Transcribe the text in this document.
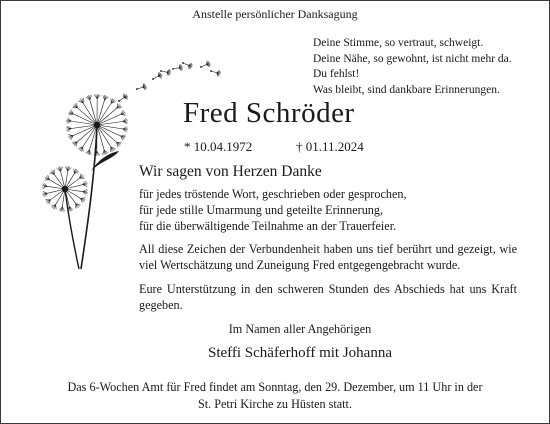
Anstelle persönlicher Danksagung
Deine Stimme, so vertraut, schweigt.
Deine Nähe, so gewohnt, ist nicht mehr da.
Du fehlst!
Was bleibt, sind dankbare Erinnerungen.
Fred Schröder
* 10.04.1972	† 01.11.2024
Wir sagen von Herzen Danke
für jedes tröstende Wort, geschrieben oder gesprochen,
für jede stille Umarmung und geteilte Erinnerung,
für die überwältigende Teilnahme an der Trauerfeier.
All diese Zeichen der Verbundenheit haben uns tief berührt und gezeigt, wie viel Wertschätzung und Zuneigung Fred entgegengebracht wurde.
Eure Unterstützung in den schweren Stunden des Abschieds hat uns Kraft gegeben.
Im Namen aller Angehörigen
Steffi Schäferhoff mit Johanna
Das 6-Wochen Amt für Fred findet am Sonntag, den 29. Dezember, um 11 Uhr in der
St. Petri Kirche zu Hüsten statt.
